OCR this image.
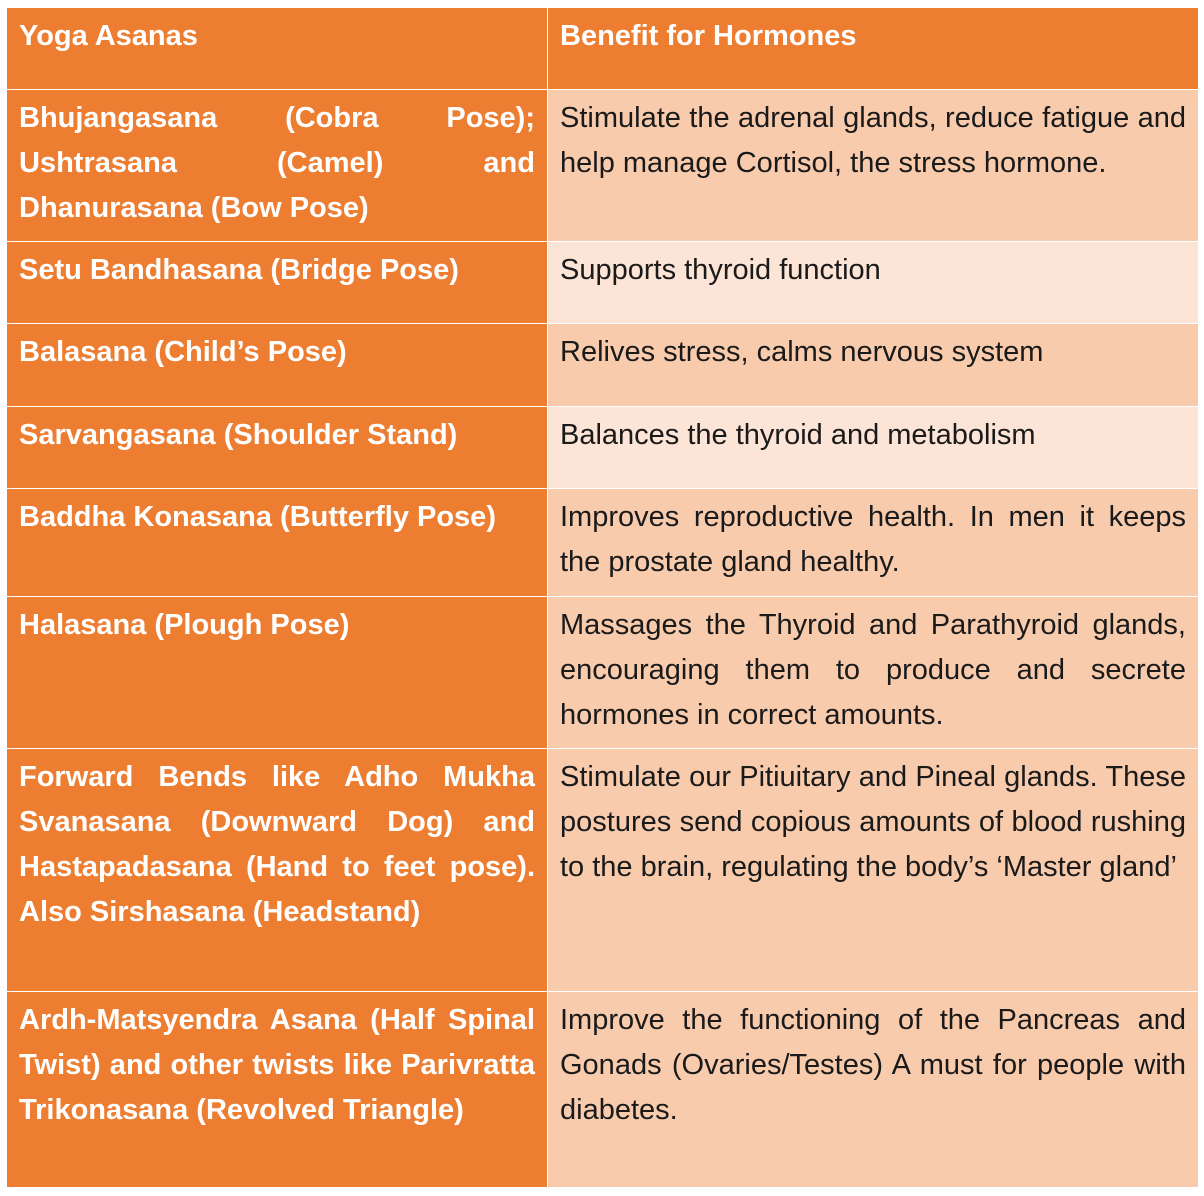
Yoga Asanas	Benefit for Hormones
Bhujangasana (Cobra Pose); Ushtrasana (Camel) and Dhanurasana (Bow Pose)	Stimulate the adrenal glands, reduce fatigue and help manage Cortisol, the stress hormone.
Setu Bandhasana (Bridge Pose)	Supports thyroid function
Balasana (Child’s Pose)	Relives stress, calms nervous system
Sarvangasana (Shoulder Stand)	Balances the thyroid and metabolism
Baddha Konasana (Butterfly Pose)	Improves reproductive health. In men it keeps the prostate gland healthy.
Halasana (Plough Pose)	Massages the Thyroid and Parathyroid glands, encouraging them to produce and secrete hormones in correct amounts.
Forward Bends like Adho Mukha Svanasana (Downward Dog) and Hastapadasana (Hand to feet pose). Also Sirshasana (Headstand)	Stimulate our Pitiuitary and Pineal glands. These postures send copious amounts of blood rushing to the brain, regulating the body’s ‘Master gland’
Ardh-Matsyendra Asana (Half Spinal Twist) and other twists like Parivratta Trikonasana (Revolved Triangle)	Improve the functioning of the Pancreas and Gonads (Ovaries/Testes) A must for people with diabetes.
